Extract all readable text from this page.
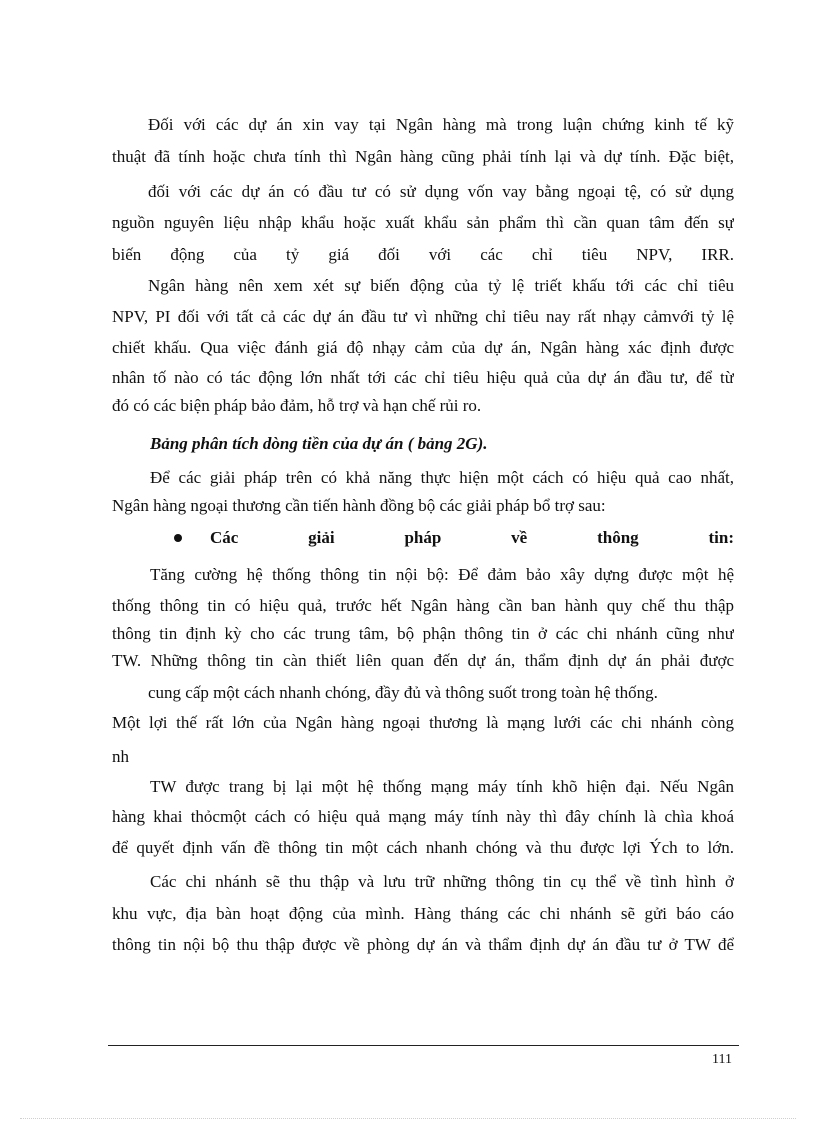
Đối với các dự án xin vay tại Ngân hàng mà trong luận chứng kinh tế kỹ
thuật đã tính hoặc chưa tính thì Ngân hàng cũng phải tính lại và dự tính. Đặc biệt,
đối với các dự án có đầu tư có sử dụng vốn vay bằng ngoại tệ, có sử dụng
nguồn nguyên liệu nhập khẩu hoặc xuất khẩu sản phẩm thì cần quan tâm đến sự
biến động của tỷ giá đối với các chỉ tiêu NPV, IRR.
Ngân hàng nên xem xét sự biến động của tỷ lệ triết khấu tới các chỉ tiêu
NPV, PI đối với tất cả các dự án đầu tư vì những chỉ tiêu nay rất nhạy cảmvới tỷ lệ
chiết khấu. Qua việc đánh giá độ nhạy cảm của dự án, Ngân hàng xác định được
nhân tố nào có tác động lớn nhất tới các chỉ tiêu hiệu quả của dự án đầu tư, để từ
đó có các biện pháp bảo đảm, hỗ trợ và hạn chế rủi ro.
Bảng phân tích dòng tiền của dự án ( bảng 2G).
Để các giải pháp trên có khả năng thực hiện một cách có hiệu quả cao nhất,
Ngân hàng ngoại thương cần tiến hành đồng bộ các giải pháp bổ trợ sau:
Các giải pháp về thông tin:
Tăng cường hệ thống thông tin nội bộ: Để đảm bảo xây dựng được một hệ
thống thông tin có hiệu quả, trước hết Ngân hàng cần ban hành quy chế thu thập
thông tin định kỳ cho các trung tâm, bộ phận thông tin ở các chi nhánh cũng như
TW. Những thông tin càn thiết liên quan đến dự án, thẩm định dự án phải được
cung cấp một cách nhanh chóng, đầy đủ và thông suốt trong toàn hệ thống.
Một lợi thế rất lớn của Ngân hàng ngoại thương là mạng lưới các chi nhánh còng
nh
TW được trang bị lại một hệ thống mạng máy tính khõ hiện đại. Nếu Ngân
hàng khai thỏcmột cách có hiệu quả mạng máy tính này thì đây chính là chìa khoá
để quyết định vấn đề thông tin một cách nhanh chóng và thu được lợi Ých to lớn.
Các chi nhánh sẽ thu thập và lưu trữ những thông tin cụ thể về tình hình ở
khu vực, địa bàn hoạt động của mình. Hàng tháng các chi nhánh sẽ gửi báo cáo
thông tin nội bộ thu thập được về phòng dự án và thẩm định dự án đầu tư ở TW để
111
